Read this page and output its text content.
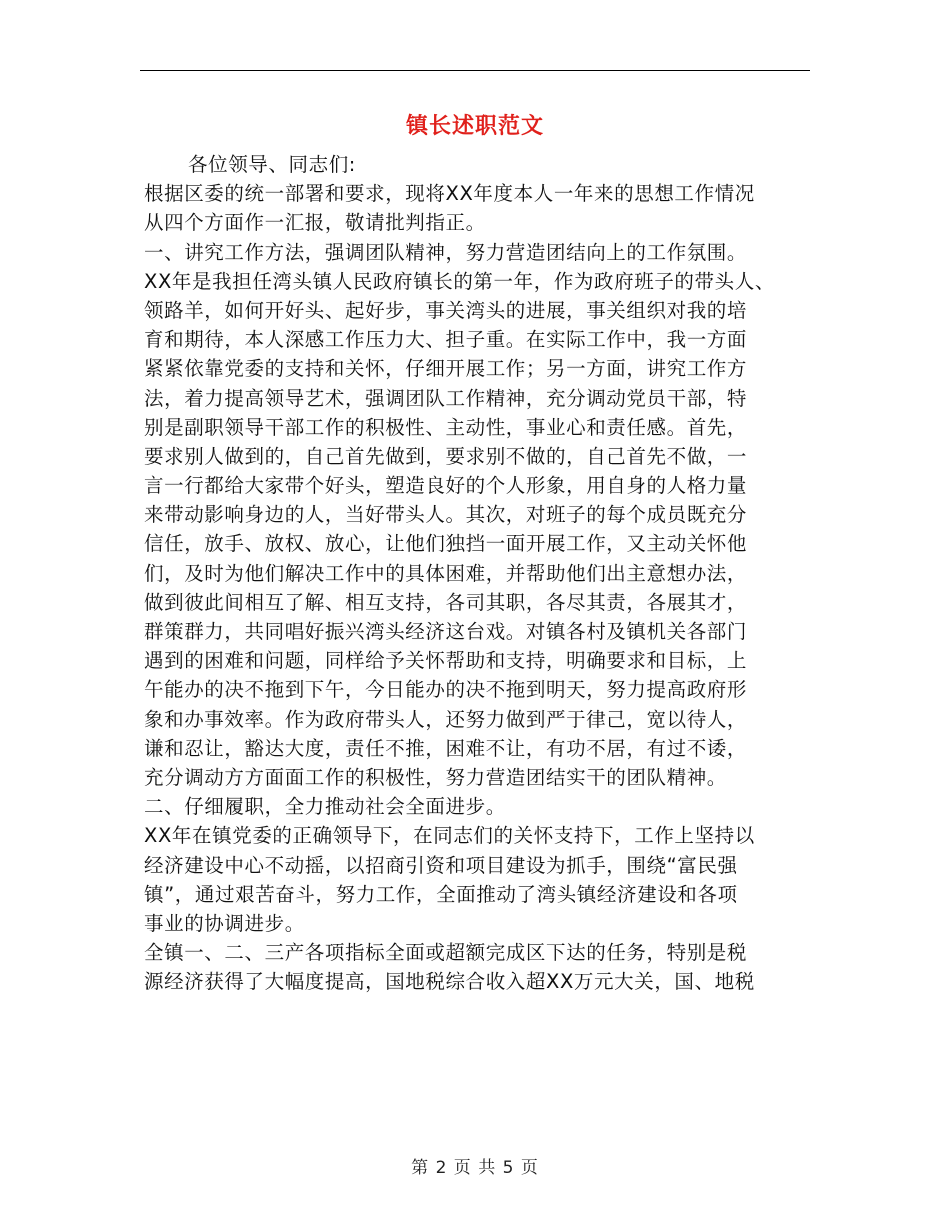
镇长述职范文
各位领导、同志们:
根据区委的统一部署和要求，现将XX年度本人一年来的思想工作情况
从四个方面作一汇报，敬请批判指正。
一、讲究工作方法，强调团队精神，努力营造团结向上的工作氛围。
XX年是我担任湾头镇人民政府镇长的第一年，作为政府班子的带头人、
领路羊，如何开好头、起好步，事关湾头的进展，事关组织对我的培
育和期待，本人深感工作压力大、担子重。在实际工作中，我一方面
紧紧依靠党委的支持和关怀，仔细开展工作；另一方面，讲究工作方
法，着力提高领导艺术，强调团队工作精神，充分调动党员干部，特
别是副职领导干部工作的积极性、主动性，事业心和责任感。首先，
要求别人做到的，自己首先做到，要求别不做的，自己首先不做，一
言一行都给大家带个好头，塑造良好的个人形象，用自身的人格力量
来带动影响身边的人，当好带头人。其次，对班子的每个成员既充分
信任，放手、放权、放心，让他们独挡一面开展工作，又主动关怀他
们，及时为他们解决工作中的具体困难，并帮助他们出主意想办法，
做到彼此间相互了解、相互支持，各司其职，各尽其责，各展其才，
群策群力，共同唱好振兴湾头经济这台戏。对镇各村及镇机关各部门
遇到的困难和问题，同样给予关怀帮助和支持，明确要求和目标，上
午能办的决不拖到下午，今日能办的决不拖到明天，努力提高政府形
象和办事效率。作为政府带头人，还努力做到严于律己，宽以待人，
谦和忍让，豁达大度，责任不推，困难不让，有功不居，有过不诿，
充分调动方方面面工作的积极性，努力营造团结实干的团队精神。
二、仔细履职，全力推动社会全面进步。
XX年在镇党委的正确领导下，在同志们的关怀支持下，工作上坚持以
经济建设中心不动摇，以招商引资和项目建设为抓手，围绕“富民强
镇”，通过艰苦奋斗，努力工作，全面推动了湾头镇经济建设和各项
事业的协调进步。
全镇一、二、三产各项指标全面或超额完成区下达的任务，特别是税
源经济获得了大幅度提高，国地税综合收入超XX万元大关，国、地税
第 2 页 共 5 页
